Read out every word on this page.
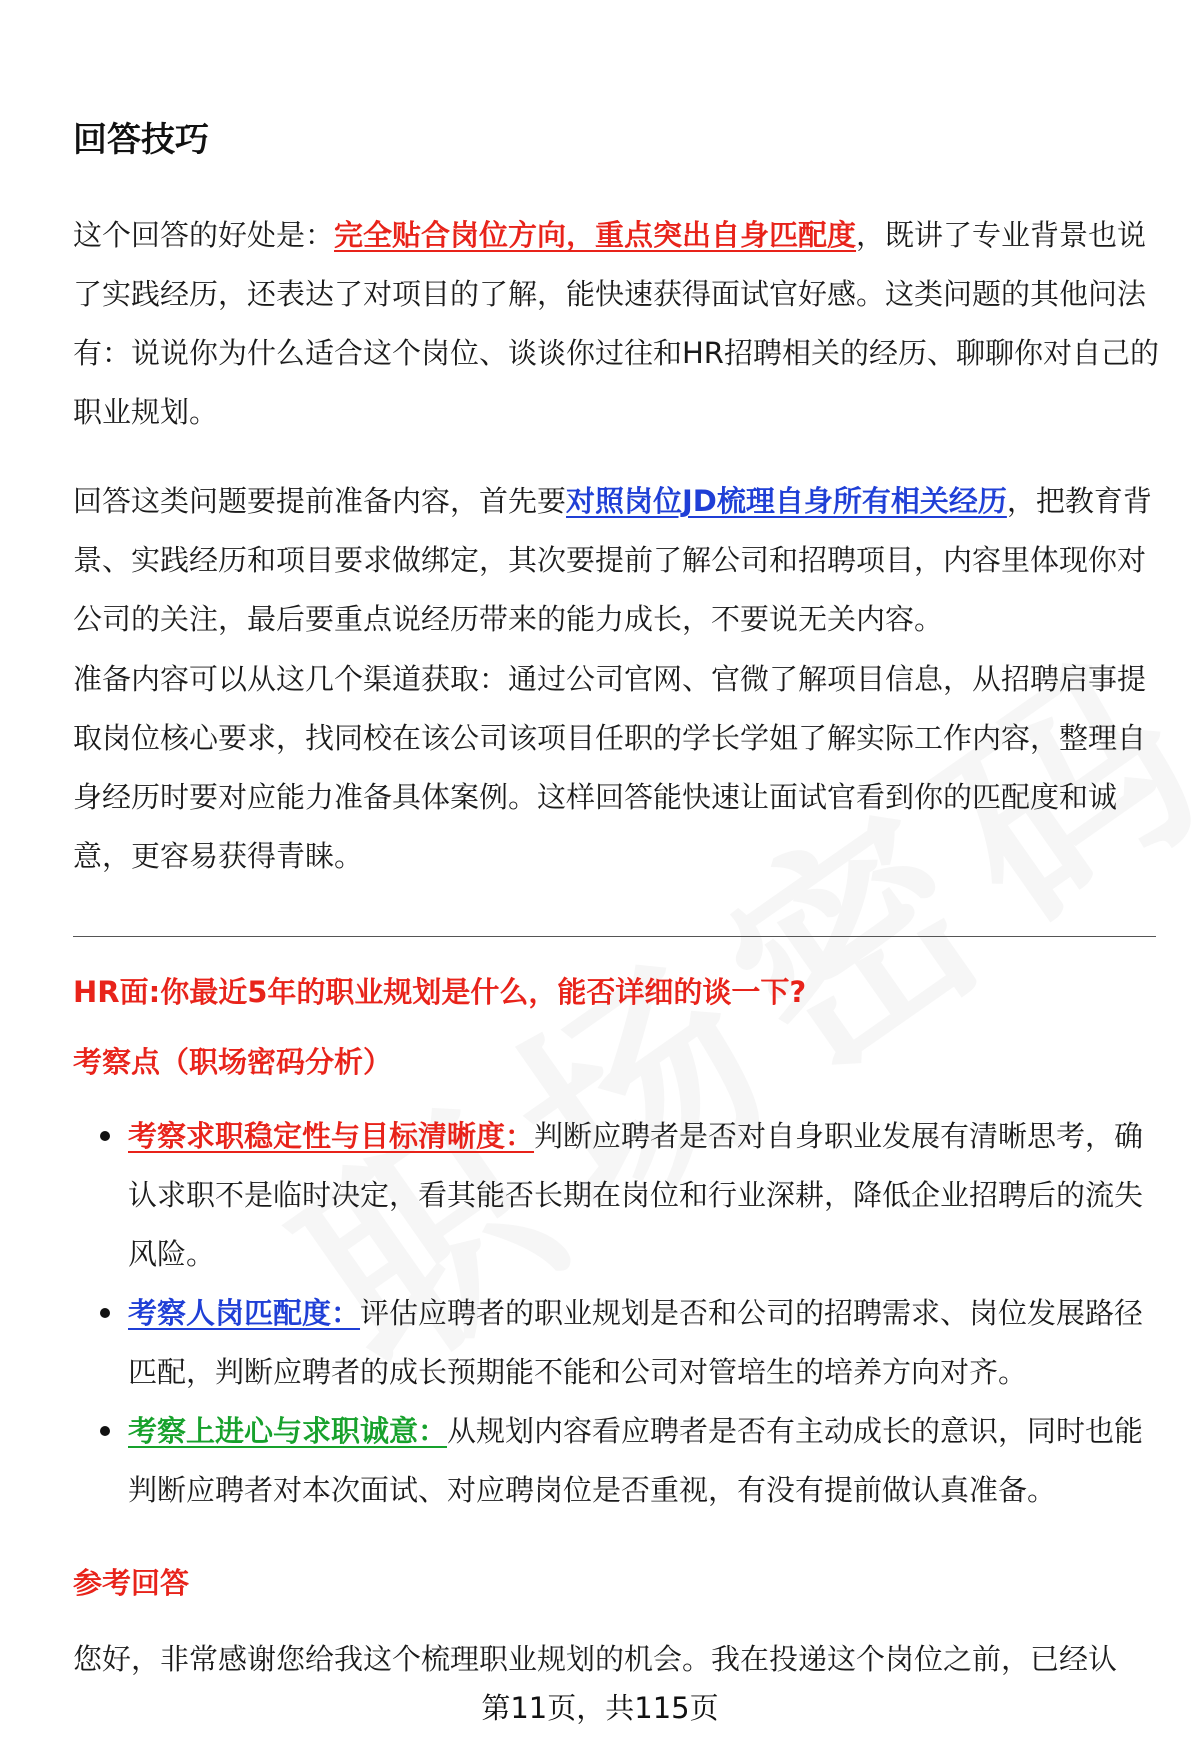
回答技巧

这个回答的好处是：完全贴合岗位方向，重点突出自身匹配度，既讲了专业背景也说了实践经历，还表达了对项目的了解，能快速获得面试官好感。这类问题的其他问法有：说说你为什么适合这个岗位、谈谈你过往和HR招聘相关的经历、聊聊你对自己的职业规划。

回答这类问题要提前准备内容，首先要对照岗位JD梳理自身所有相关经历，把教育背景、实践经历和项目要求做绑定，其次要提前了解公司和招聘项目，内容里体现你对公司的关注，最后要重点说经历带来的能力成长，不要说无关内容。

准备内容可以从这几个渠道获取：通过公司官网、官微了解项目信息，从招聘启事提取岗位核心要求，找同校在该公司该项目任职的学长学姐了解实际工作内容，整理自身经历时要对应能力准备具体案例。这样回答能快速让面试官看到你的匹配度和诚意，更容易获得青睐。

HR面:你最近5年的职业规划是什么，能否详细的谈一下?

考察点（职场密码分析）

考察求职稳定性与目标清晰度：判断应聘者是否对自身职业发展有清晰思考，确认求职不是临时决定，看其能否长期在岗位和行业深耕，降低企业招聘后的流失风险。
考察人岗匹配度：评估应聘者的职业规划是否和公司的招聘需求、岗位发展路径匹配，判断应聘者的成长预期能不能和公司对管培生的培养方向对齐。
考察上进心与求职诚意：从规划内容看应聘者是否有主动成长的意识，同时也能判断应聘者对本次面试、对应聘岗位是否重视，有没有提前做认真准备。

参考回答

您好，非常感谢您给我这个梳理职业规划的机会。我在投递这个岗位之前，已经认

第11页，共115页
